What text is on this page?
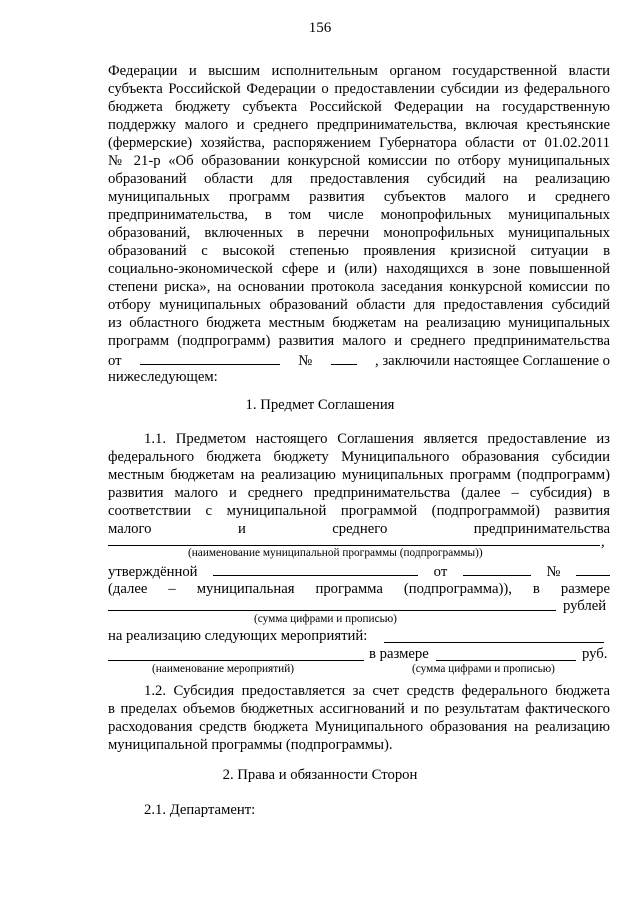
156
Федерации и высшим исполнительным органом государственной власти
субъекта Российской Федерации о предоставлении субсидии из федерального
бюджета бюджету субъекта Российской Федерации на государственную
поддержку малого и среднего предпринимательства, включая крестьянские
(фермерские) хозяйства, распоряжением Губернатора области от 01.02.2011
№ 21-р «Об образовании конкурсной комиссии по отбору муниципальных
образований области для предоставления субсидий на реализацию
муниципальных программ развития субъектов малого и среднего
предпринимательства, в том числе монопрофильных муниципальных
образований, включенных в перечни монопрофильных муниципальных
образований с высокой степенью проявления кризисной ситуации в
социально-экономической сфере и (или) находящихся в зоне повышенной
степени риска», на основании протокола заседания конкурсной комиссии по
отбору муниципальных образований области для предоставления субсидий
из областного бюджета местным бюджетам на реализацию муниципальных
программ (подпрограмм) развития малого и среднего предпринимательства
от	№	, заключили настоящее Соглашение о
нижеследующем:
1. Предмет Соглашения
1.1. Предметом настоящего Соглашения является предоставление из
федерального бюджета бюджету Муниципального образования субсидии
местным бюджетам на реализацию муниципальных программ (подпрограмм)
развития малого и среднего предпринимательства (далее – субсидия) в
соответствии с муниципальной программой (подпрограммой) развития
малого и среднего предпринимательства
,
(наименование муниципальной программы (подпрограммы))
утверждённой	от	№
(далее – муниципальная программа (подпрограмма)), в размере
рублей
(сумма цифрами и прописью)
на реализацию следующих мероприятий:
в размере	руб.
(наименование мероприятий)	(сумма цифрами и прописью)
1.2. Субсидия предоставляется за счет средств федерального бюджета
в пределах объемов бюджетных ассигнований и по результатам фактического
расходования средств бюджета Муниципального образования на реализацию
муниципальной программы (подпрограммы).
2. Права и обязанности Сторон
2.1. Департамент:
